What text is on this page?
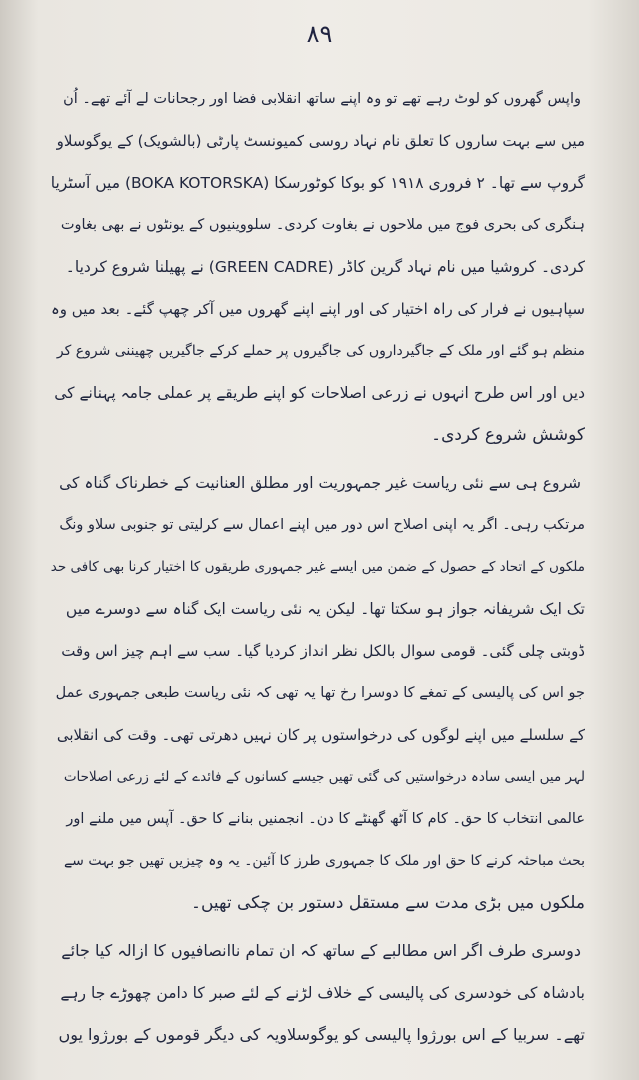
۸۹
واپس گھروں کو لوٹ رہے تھے تو وہ اپنے ساتھ انقلابی فضا اور رجحانات لے آئے تھے۔ اُن
میں سے بہت ساروں کا تعلق نام نہاد روسی کمیونسٹ پارٹی (بالشویک) کے یوگوسلاو
گروپ سے تھا۔ ۲ فروری ۱۹۱۸ کو بوکا کوٹورسکا (BOKA KOTORSKA) میں آسٹریا
ہنگری کی بحری فوج میں ملاحوں نے بغاوت کردی۔ سلووینیوں کے یونٹوں نے بھی بغاوت
کردی۔ کروشیا میں نام نہاد گرین کاڈر (GREEN CADRE) نے پھیلنا شروع کردیا۔
سپاہیوں نے فرار کی راہ اختیار کی اور اپنے اپنے گھروں میں آکر چھپ گئے۔ بعد میں وہ
منظم ہو گئے اور ملک کے جاگیرداروں کی جاگیروں پر حملے کرکے جاگیریں چھیننی شروع کر
دیں اور اس طرح انہوں نے زرعی اصلاحات کو اپنے طریقے پر عملی جامہ پہنانے کی
کوشش شروع کردی۔
شروع ہی سے نئی ریاست غیر جمہوریت اور مطلق العنانیت کے خطرناک گناہ کی
مرتکب رہی۔ اگر یہ اپنی اصلاح اس دور میں اپنے اعمال سے کرلیتی تو جنوبی سلاو ونگ
ملکوں کے اتحاد کے حصول کے ضمن میں ایسے غیر جمہوری طریقوں کا اختیار کرنا بھی کافی حد
تک ایک شریفانہ جواز ہو سکتا تھا۔ لیکن یہ نئی ریاست ایک گناہ سے دوسرے میں
ڈوبتی چلی گئی۔ قومی سوال بالکل نظر انداز کردیا گیا۔ سب سے اہم چیز اس وقت
جو اس کی پالیسی کے تمغے کا دوسرا رخ تھا یہ تھی کہ نئی ریاست طبعی جمہوری عمل
کے سلسلے میں اپنے لوگوں کی درخواستوں پر کان نہیں دھرتی تھی۔ وقت کی انقلابی
لہر میں ایسی سادہ درخواستیں کی گئی تھیں جیسے کسانوں کے فائدے کے لئے زرعی اصلاحات
عالمی انتخاب کا حق۔ کام کا آٹھ گھنٹے کا دن۔ انجمنیں بنانے کا حق۔ آپس میں ملنے اور
بحث مباحثہ کرنے کا حق اور ملک کا جمہوری طرز کا آئین۔ یہ وہ چیزیں تھیں جو بہت سے
ملکوں میں بڑی مدت سے مستقل دستور بن چکی تھیں۔
دوسری طرف اگر اس مطالبے کے ساتھ کہ ان تمام ناانصافیوں کا ازالہ کیا جائے
بادشاہ کی خودسری کی پالیسی کے خلاف لڑنے کے لئے صبر کا دامن چھوڑے جا رہے
تھے۔ سربیا کے اس بورژوا پالیسی کو یوگوسلاویہ کی دیگر قوموں کے بورژوا یوں
